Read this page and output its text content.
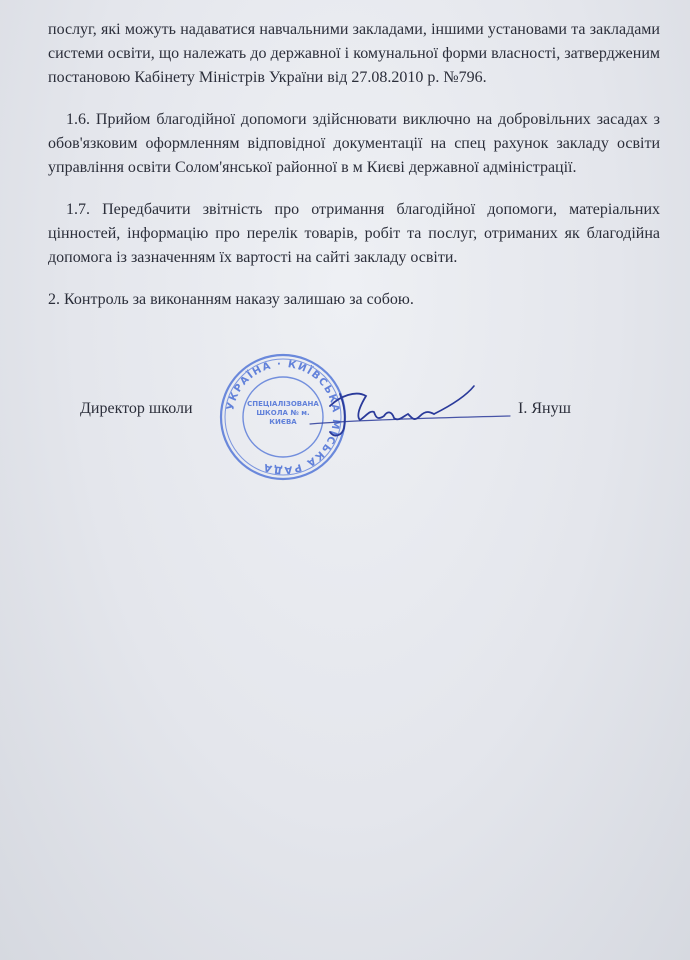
послуг, які можуть надаватися навчальними закладами, іншими установами та закладами системи освіти, що належать до державної і комунальної форми власності, затвердженим постановою Кабінету Міністрів України від 27.08.2010 р. №796.

1.6. Прийом благодійної допомоги здійснювати виключно на добровільних засадах з обов'язковим оформленням відповідної документації на спец рахунок закладу освіти управління освіти Солом'янської районної в м Києві державної адміністрації.

1.7. Передбачити звітність про отримання благодійної допомоги, матеріальних цінностей, інформацію про перелік товарів, робіт та послуг, отриманих як благодійна допомога із зазначенням їх вартості на сайті закладу освіти.

2. Контроль за виконанням наказу залишаю за собою.

УКРАЇНА · КИЇВСЬКА МІСЬКА РАДА
СПЕЦІАЛІЗОВАНА ШКОЛА № м. КИЄВА
Директор школи	І. Януш
